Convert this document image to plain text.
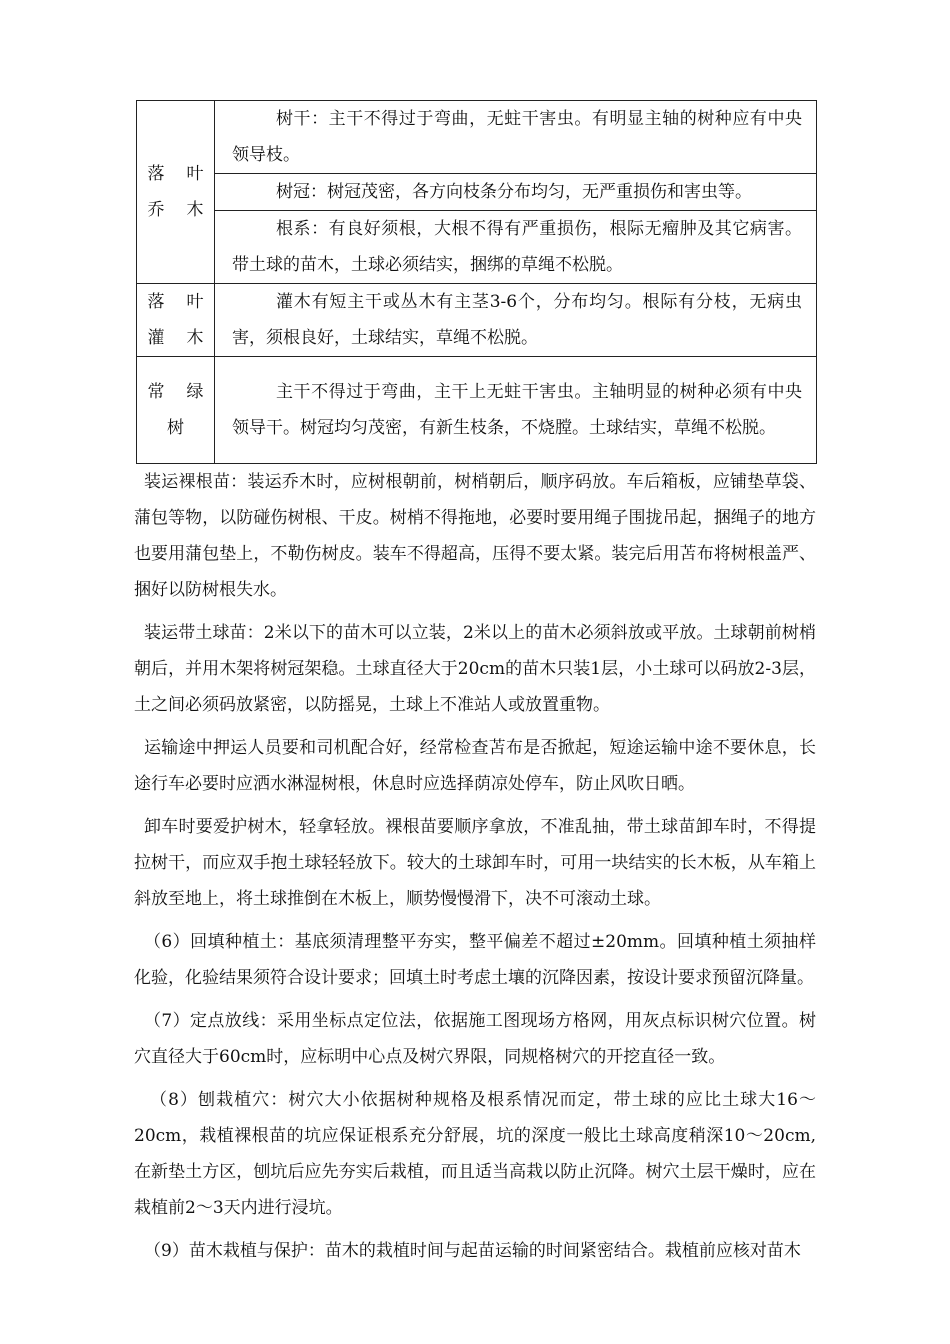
落 叶
乔木	树干：主干不得过于弯曲，无蛀干害虫。有明显主轴的树种应有中央领导枝。
	树冠：树冠茂密，各方向枝条分布均匀，无严重损伤和害虫等。
	根系：有良好须根，大根不得有严重损伤，根际无瘤肿及其它病害。带土球的苗木，土球必须结实，捆绑的草绳不松脱。

落 叶
灌木	灌木有短主干或丛木有主茎3-6个，分布均匀。根际有分枝，无病虫害，须根良好，土球结实，草绳不松脱。

常 绿
树	主干不得过于弯曲，主干上无蛀干害虫。主轴明显的树种必须有中央领导干。树冠均匀茂密，有新生枝条，不烧膛。土球结实，草绳不松脱。

装运裸根苗：装运乔木时，应树根朝前，树梢朝后，顺序码放。车后箱板，应铺垫草袋、蒲包等物，以防碰伤树根、干皮。树梢不得拖地，必要时要用绳子围拢吊起，捆绳子的地方也要用蒲包垫上，不勒伤树皮。装车不得超高，压得不要太紧。装完后用苫布将树根盖严、捆好以防树根失水。

装运带土球苗：2米以下的苗木可以立装，2米以上的苗木必须斜放或平放。土球朝前树梢朝后，并用木架将树冠架稳。土球直径大于20cm的苗木只装1层，小土球可以码放2-3层，土之间必须码放紧密，以防摇晃，土球上不准站人或放置重物。

运输途中押运人员要和司机配合好，经常检查苫布是否掀起，短途运输中途不要休息，长途行车必要时应洒水淋湿树根，休息时应选择荫凉处停车，防止风吹日晒。

卸车时要爱护树木，轻拿轻放。裸根苗要顺序拿放，不准乱抽，带土球苗卸车时，不得提拉树干，而应双手抱土球轻轻放下。较大的土球卸车时，可用一块结实的长木板，从车箱上斜放至地上，将土球推倒在木板上，顺势慢慢滑下，决不可滚动土球。

（6）回填种植土：基底须清理整平夯实，整平偏差不超过±20mm。回填种植土须抽样化验，化验结果须符合设计要求；回填土时考虑土壤的沉降因素，按设计要求预留沉降量。

（7）定点放线：采用坐标点定位法，依据施工图现场方格网，用灰点标识树穴位置。树穴直径大于60cm时，应标明中心点及树穴界限，同规格树穴的开挖直径一致。

（8）刨栽植穴：树穴大小依据树种规格及根系情况而定，带土球的应比土球大16～20cm，栽植裸根苗的坑应保证根系充分舒展，坑的深度一般比土球高度稍深10～20cm,在新垫土方区，刨坑后应先夯实后栽植，而且适当高栽以防止沉降。树穴土层干燥时，应在栽植前2～3天内进行浸坑。

（9）苗木栽植与保护：苗木的栽植时间与起苗运输的时间紧密结合。栽植前应核对苗木
